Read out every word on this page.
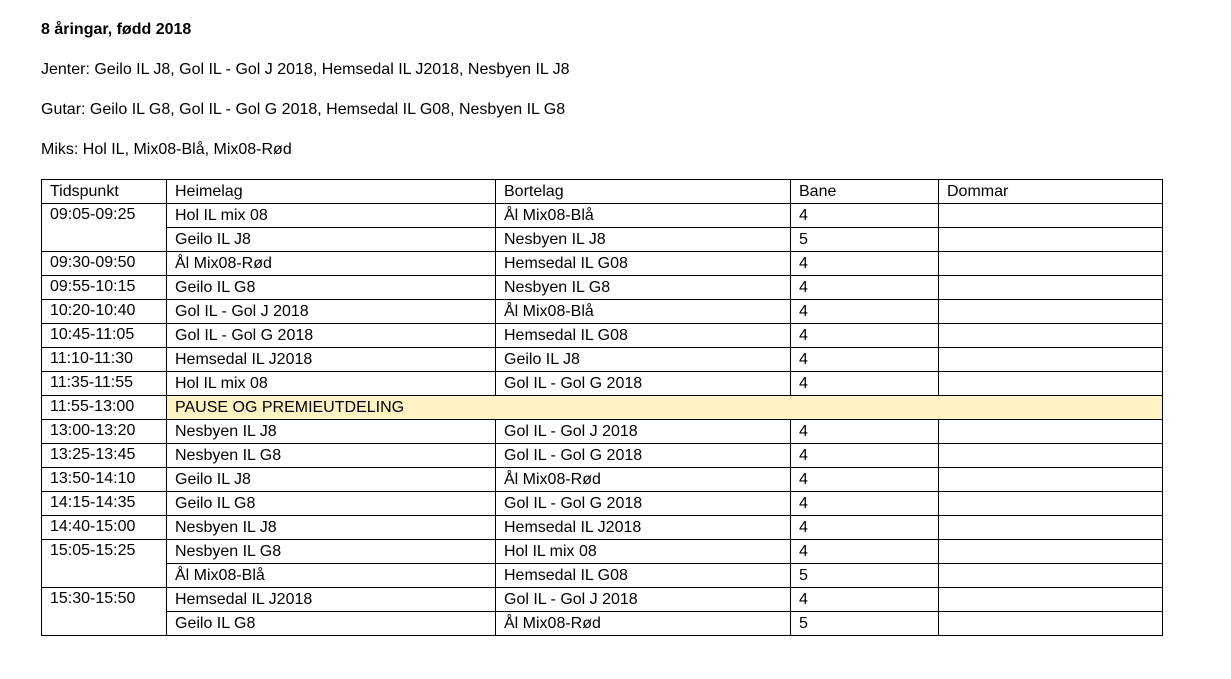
8 åringar, fødd 2018

Jenter: Geilo IL J8, Gol IL - Gol J 2018, Hemsedal IL J2018, Nesbyen IL J8

Gutar: Geilo IL G8, Gol IL - Gol G 2018, Hemsedal IL G08, Nesbyen IL G8

Miks: Hol IL, Mix08-Blå, Mix08-Rød

Tidspunkt	Heimelag	Bortelag	Bane	Dommar
09:05-09:25	Hol IL mix 08	Ål Mix08-Blå	4	
	Geilo IL J8	Nesbyen IL J8	5	
09:30-09:50	Ål Mix08-Rød	Hemsedal IL G08	4	
09:55-10:15	Geilo IL G8	Nesbyen IL G8	4	
10:20-10:40	Gol IL - Gol J 2018	Ål Mix08-Blå	4	
10:45-11:05	Gol IL - Gol G 2018	Hemsedal IL G08	4	
11:10-11:30	Hemsedal IL J2018	Geilo IL J8	4	
11:35-11:55	Hol IL mix 08	Gol IL - Gol G 2018	4	
11:55-13:00	PAUSE OG PREMIEUTDELING			
13:00-13:20	Nesbyen IL J8	Gol IL - Gol J 2018	4	
13:25-13:45	Nesbyen IL G8	Gol IL - Gol G 2018	4	
13:50-14:10	Geilo IL J8	Ål Mix08-Rød	4	
14:15-14:35	Geilo IL G8	Gol IL - Gol G 2018	4	
14:40-15:00	Nesbyen IL J8	Hemsedal IL J2018	4	
15:05-15:25	Nesbyen IL G8	Hol IL mix 08	4	
	Ål Mix08-Blå	Hemsedal IL G08	5	
15:30-15:50	Hemsedal IL J2018	Gol IL - Gol J 2018	4	
	Geilo IL G8	Ål Mix08-Rød	5	
